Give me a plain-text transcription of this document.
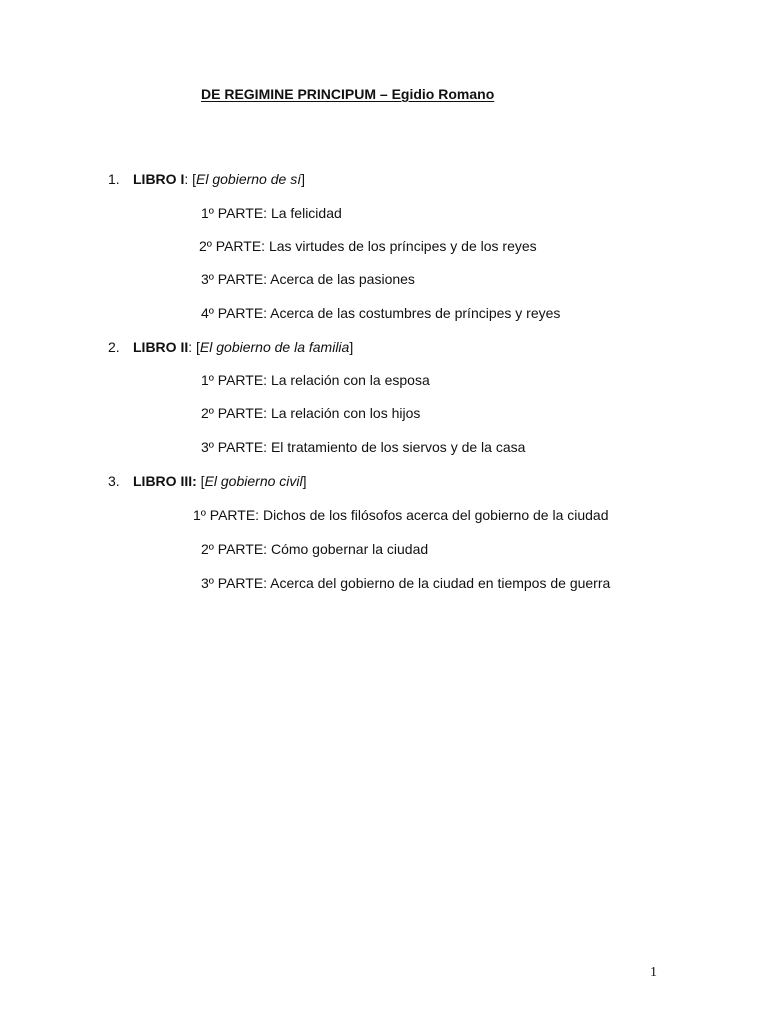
DE REGIMINE PRINCIPUM – Egidio Romano
1. LIBRO I: [El gobierno de sí]
1º PARTE: La felicidad
2º PARTE: Las virtudes de los príncipes y de los reyes
3º PARTE: Acerca de las pasiones
4º PARTE: Acerca de las costumbres de príncipes y reyes
2. LIBRO II: [El gobierno de la familia]
1º PARTE: La relación con la esposa
2º PARTE: La relación con los hijos
3º PARTE: El tratamiento de los siervos y de la casa
3. LIBRO III: [El gobierno civil]
1º PARTE: Dichos de los filósofos acerca del gobierno de la ciudad
2º PARTE: Cómo gobernar la ciudad
3º PARTE: Acerca del gobierno de la ciudad en tiempos de guerra
1
